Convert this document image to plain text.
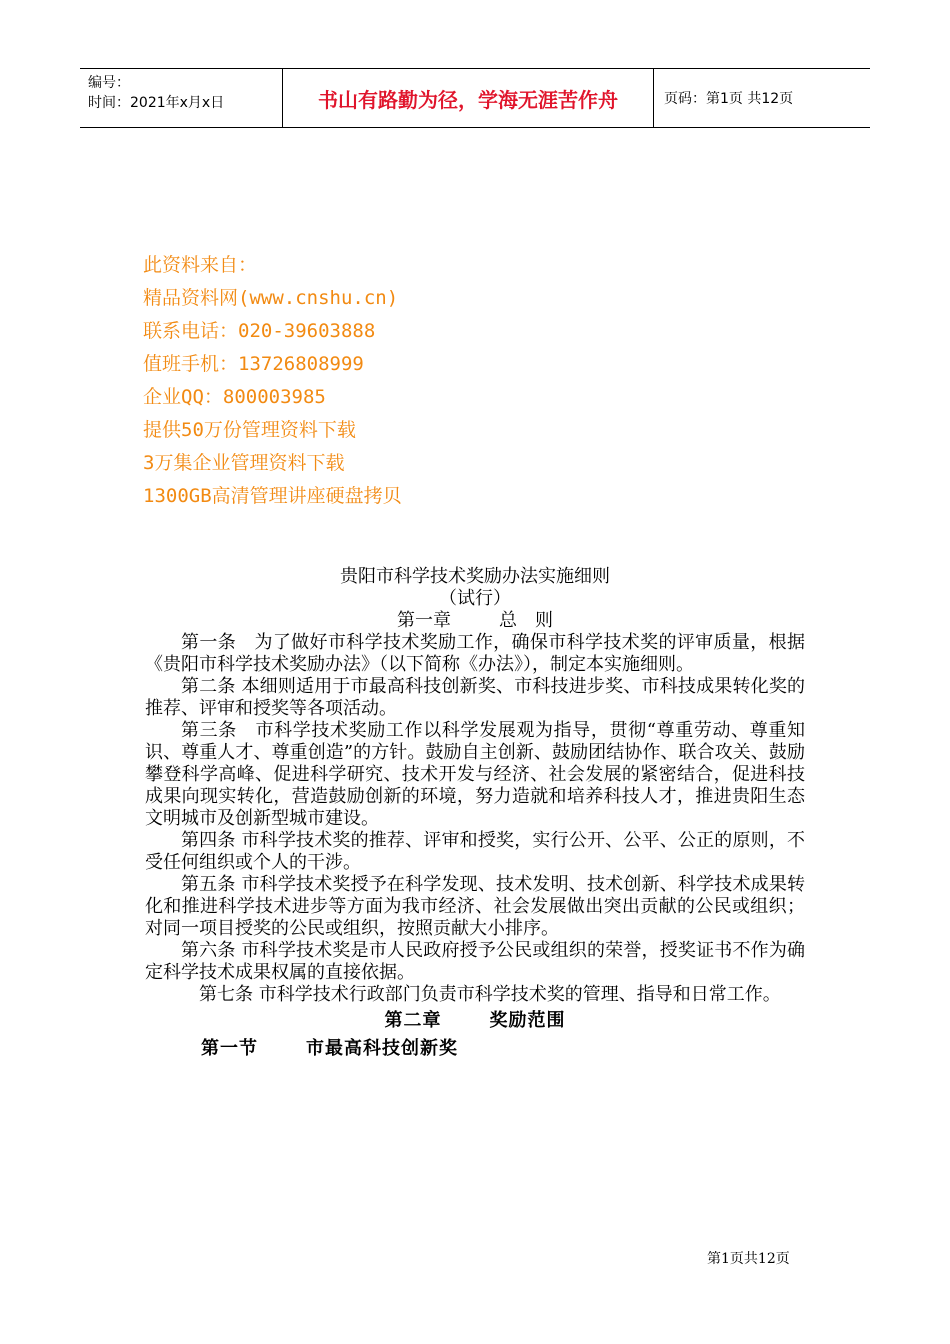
编号：
时间：2021年x月x日	书山有路勤为径，学海无涯苦作舟	页码：第1页 共12页
此资料来自：
精品资料网(www.cnshu.cn)
联系电话：020-39603888
值班手机：13726808999
企业QQ：800003985
提供50万份管理资料下载
3万集企业管理资料下载
1300GB高清管理讲座硬盘拷贝
贵阳市科学技术奖励办法实施细则
（试行）
第一章	总　则

第一条　为了做好市科学技术奖励工作，确保市科学技术奖的评审质量，根据《贵阳市科学技术奖励办法》（以下简称《办法》），制定本实施细则。

第二条 本细则适用于市最高科技创新奖、市科技进步奖、市科技成果转化奖的推荐、评审和授奖等各项活动。

第三条　市科学技术奖励工作以科学发展观为指导，贯彻“尊重劳动、尊重知识、尊重人才、尊重创造”的方针。鼓励自主创新、鼓励团结协作、联合攻关、鼓励攀登科学高峰、促进科学研究、技术开发与经济、社会发展的紧密结合，促进科技成果向现实转化，营造鼓励创新的环境，努力造就和培养科技人才，推进贵阳生态文明城市及创新型城市建设。

第四条 市科学技术奖的推荐、评审和授奖，实行公开、公平、公正的原则，不受任何组织或个人的干涉。

第五条 市科学技术奖授予在科学发现、技术发明、技术创新、科学技术成果转化和推进科学技术进步等方面为我市经济、社会发展做出突出贡献的公民或组织；对同一项目授奖的公民或组织，按照贡献大小排序。

第六条 市科学技术奖是市人民政府授予公民或组织的荣誉，授奖证书不作为确定科学技术成果权属的直接依据。

第七条 市科学技术行政部门负责市科学技术奖的管理、指导和日常工作。

第二章	奖励范围
第一节	市最高科技创新奖
第1页共12页
